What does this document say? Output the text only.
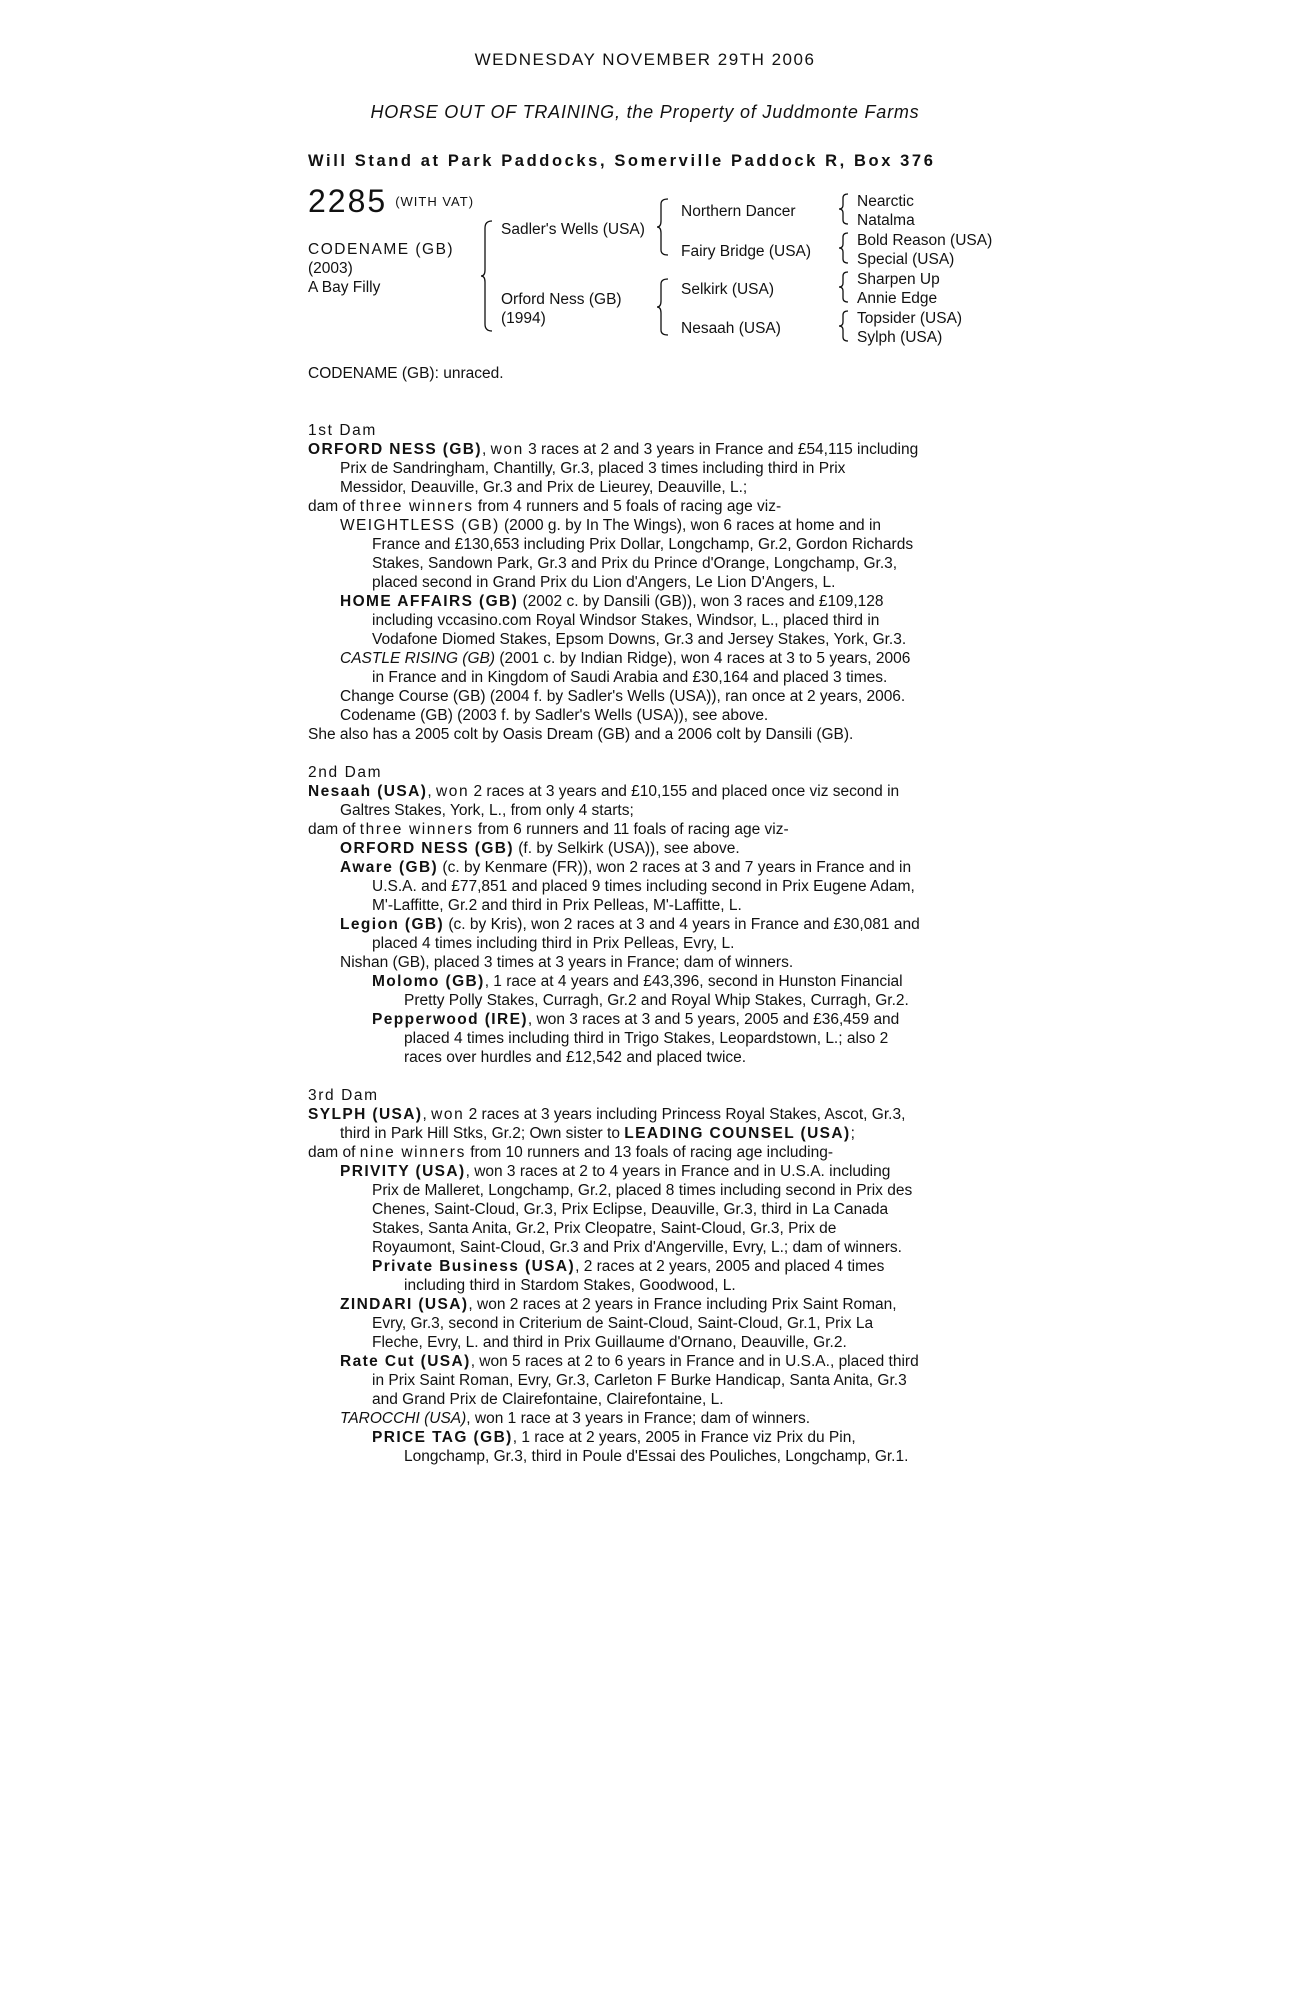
WEDNESDAY NOVEMBER 29TH 2006
HORSE OUT OF TRAINING, the Property of Juddmonte Farms
Will Stand at Park Paddocks, Somerville Paddock R, Box 376
2285 (WITH VAT)
CODENAME (GB)
(2003)
A Bay Filly
Sadler's Wells (USA)
Orford Ness (GB)
(1994)
Northern Dancer
Fairy Bridge (USA)
Selkirk (USA)
Nesaah (USA)
Nearctic
Natalma
Bold Reason (USA)
Special (USA)
Sharpen Up
Annie Edge
Topsider (USA)
Sylph (USA)

CODENAME (GB): unraced.

1st Dam

ORFORD NESS (GB), won 3 races at 2 and 3 years in France and £54,115 including

Prix de Sandringham, Chantilly, Gr.3, placed 3 times including third in Prix

Messidor, Deauville, Gr.3 and Prix de Lieurey, Deauville, L.;

dam of three winners from 4 runners and 5 foals of racing age viz-

WEIGHTLESS (GB) (2000 g. by In The Wings), won 6 races at home and in

France and £130,653 including Prix Dollar, Longchamp, Gr.2, Gordon Richards

Stakes, Sandown Park, Gr.3 and Prix du Prince d'Orange, Longchamp, Gr.3,

placed second in Grand Prix du Lion d'Angers, Le Lion D'Angers, L.

HOME AFFAIRS (GB) (2002 c. by Dansili (GB)), won 3 races and £109,128

including vccasino.com Royal Windsor Stakes, Windsor, L., placed third in

Vodafone Diomed Stakes, Epsom Downs, Gr.3 and Jersey Stakes, York, Gr.3.

CASTLE RISING (GB) (2001 c. by Indian Ridge), won 4 races at 3 to 5 years, 2006

in France and in Kingdom of Saudi Arabia and £30,164 and placed 3 times.

Change Course (GB) (2004 f. by Sadler's Wells (USA)), ran once at 2 years, 2006.

Codename (GB) (2003 f. by Sadler's Wells (USA)), see above.

She also has a 2005 colt by Oasis Dream (GB) and a 2006 colt by Dansili (GB).

2nd Dam

Nesaah (USA), won 2 races at 3 years and £10,155 and placed once viz second in

Galtres Stakes, York, L., from only 4 starts;

dam of three winners from 6 runners and 11 foals of racing age viz-

ORFORD NESS (GB) (f. by Selkirk (USA)), see above.

Aware (GB) (c. by Kenmare (FR)), won 2 races at 3 and 7 years in France and in

U.S.A. and £77,851 and placed 9 times including second in Prix Eugene Adam,

M'-Laffitte, Gr.2 and third in Prix Pelleas, M'-Laffitte, L.

Legion (GB) (c. by Kris), won 2 races at 3 and 4 years in France and £30,081 and

placed 4 times including third in Prix Pelleas, Evry, L.

Nishan (GB), placed 3 times at 3 years in France; dam of winners.

Molomo (GB), 1 race at 4 years and £43,396, second in Hunston Financial

Pretty Polly Stakes, Curragh, Gr.2 and Royal Whip Stakes, Curragh, Gr.2.

Pepperwood (IRE), won 3 races at 3 and 5 years, 2005 and £36,459 and

placed 4 times including third in Trigo Stakes, Leopardstown, L.; also 2

races over hurdles and £12,542 and placed twice.

3rd Dam

SYLPH (USA), won 2 races at 3 years including Princess Royal Stakes, Ascot, Gr.3,

third in Park Hill Stks, Gr.2; Own sister to LEADING COUNSEL (USA);

dam of nine winners from 10 runners and 13 foals of racing age including-

PRIVITY (USA), won 3 races at 2 to 4 years in France and in U.S.A. including

Prix de Malleret, Longchamp, Gr.2, placed 8 times including second in Prix des

Chenes, Saint-Cloud, Gr.3, Prix Eclipse, Deauville, Gr.3, third in La Canada

Stakes, Santa Anita, Gr.2, Prix Cleopatre, Saint-Cloud, Gr.3, Prix de

Royaumont, Saint-Cloud, Gr.3 and Prix d'Angerville, Evry, L.; dam of winners.

Private Business (USA), 2 races at 2 years, 2005 and placed 4 times

including third in Stardom Stakes, Goodwood, L.

ZINDARI (USA), won 2 races at 2 years in France including Prix Saint Roman,

Evry, Gr.3, second in Criterium de Saint-Cloud, Saint-Cloud, Gr.1, Prix La

Fleche, Evry, L. and third in Prix Guillaume d'Ornano, Deauville, Gr.2.

Rate Cut (USA), won 5 races at 2 to 6 years in France and in U.S.A., placed third

in Prix Saint Roman, Evry, Gr.3, Carleton F Burke Handicap, Santa Anita, Gr.3

and Grand Prix de Clairefontaine, Clairefontaine, L.

TAROCCHI (USA), won 1 race at 3 years in France; dam of winners.

PRICE TAG (GB), 1 race at 2 years, 2005 in France viz Prix du Pin,

Longchamp, Gr.3, third in Poule d'Essai des Pouliches, Longchamp, Gr.1.
